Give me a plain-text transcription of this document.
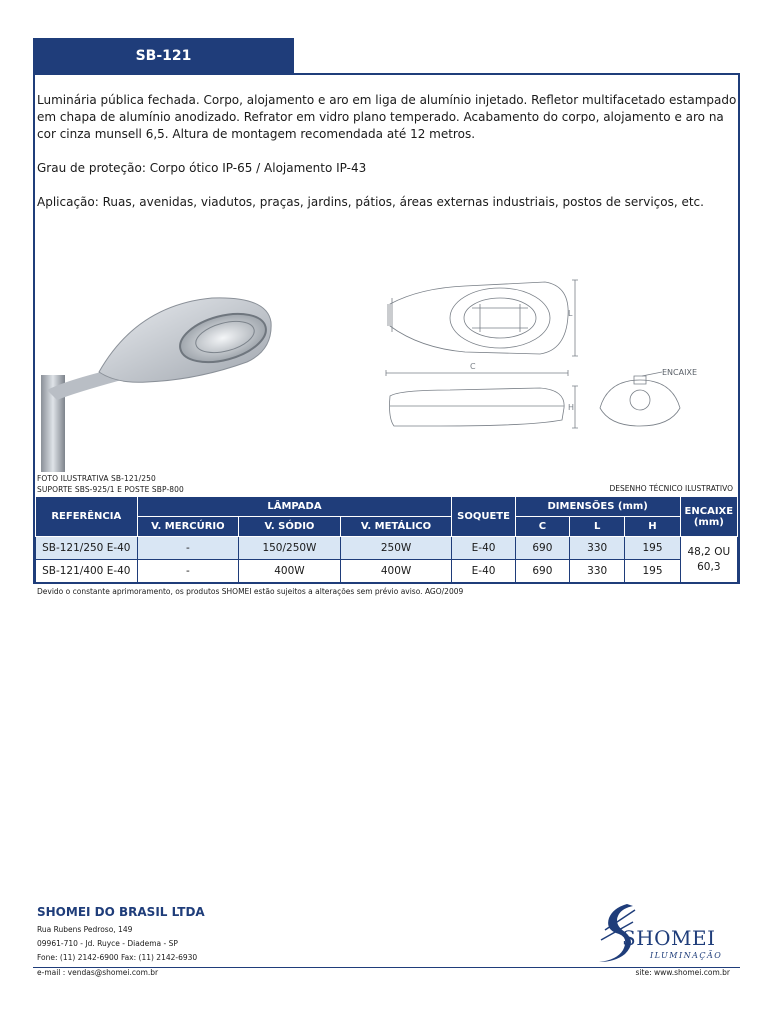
SB-121

Luminária pública fechada. Corpo, alojamento e aro em liga de alumínio injetado. Refletor multifacetado estampado em chapa de alumínio anodizado. Refrator em vidro plano temperado. Acabamento do corpo, alojamento e aro na cor cinza munsell 6,5. Altura de montagem recomendada até 12 metros.

Grau de proteção: Corpo ótico IP-65 / Alojamento IP-43

Aplicação: Ruas, avenidas, viadutos, praças, jardins, pátios, áreas externas industriais, postos de serviços, etc.

L
C
H
ENCAIXE
FOTO ILUSTRATIVA SB-121/250
SUPORTE SBS-925/1 E POSTE SBP-800	DESENHO TÉCNICO ILUSTRATIVO
REFERÊNCIA	LÂMPADA			SOQUETE	DIMENSÕES (mm)			ENCAIXE
(mm)

	V. MERCÚRIO	V. SÓDIO	V. METÁLICO		C	L	H	
SB-121/250 E-40	-	150/250W	250W	E-40	690	330	195	48,2 OU
60,3

SB-121/400 E-40	-	400W	400W	E-40	690	330	195	
Devido o constante aprimoramento, os produtos SHOMEI estão sujeitos a alterações sem prévio aviso. AGO/2009
SHOMEI DO BRASIL LTDA
Rua Rubens Pedroso, 149
09961-710 - Jd. Ruyce - Diadema - SP
Fone: (11) 2142-6900 Fax: (11) 2142-6930
e-mail : vendas@shomei.com.br	site: www.shomei.com.br
SHOMEI
ILUMINAÇÃO
